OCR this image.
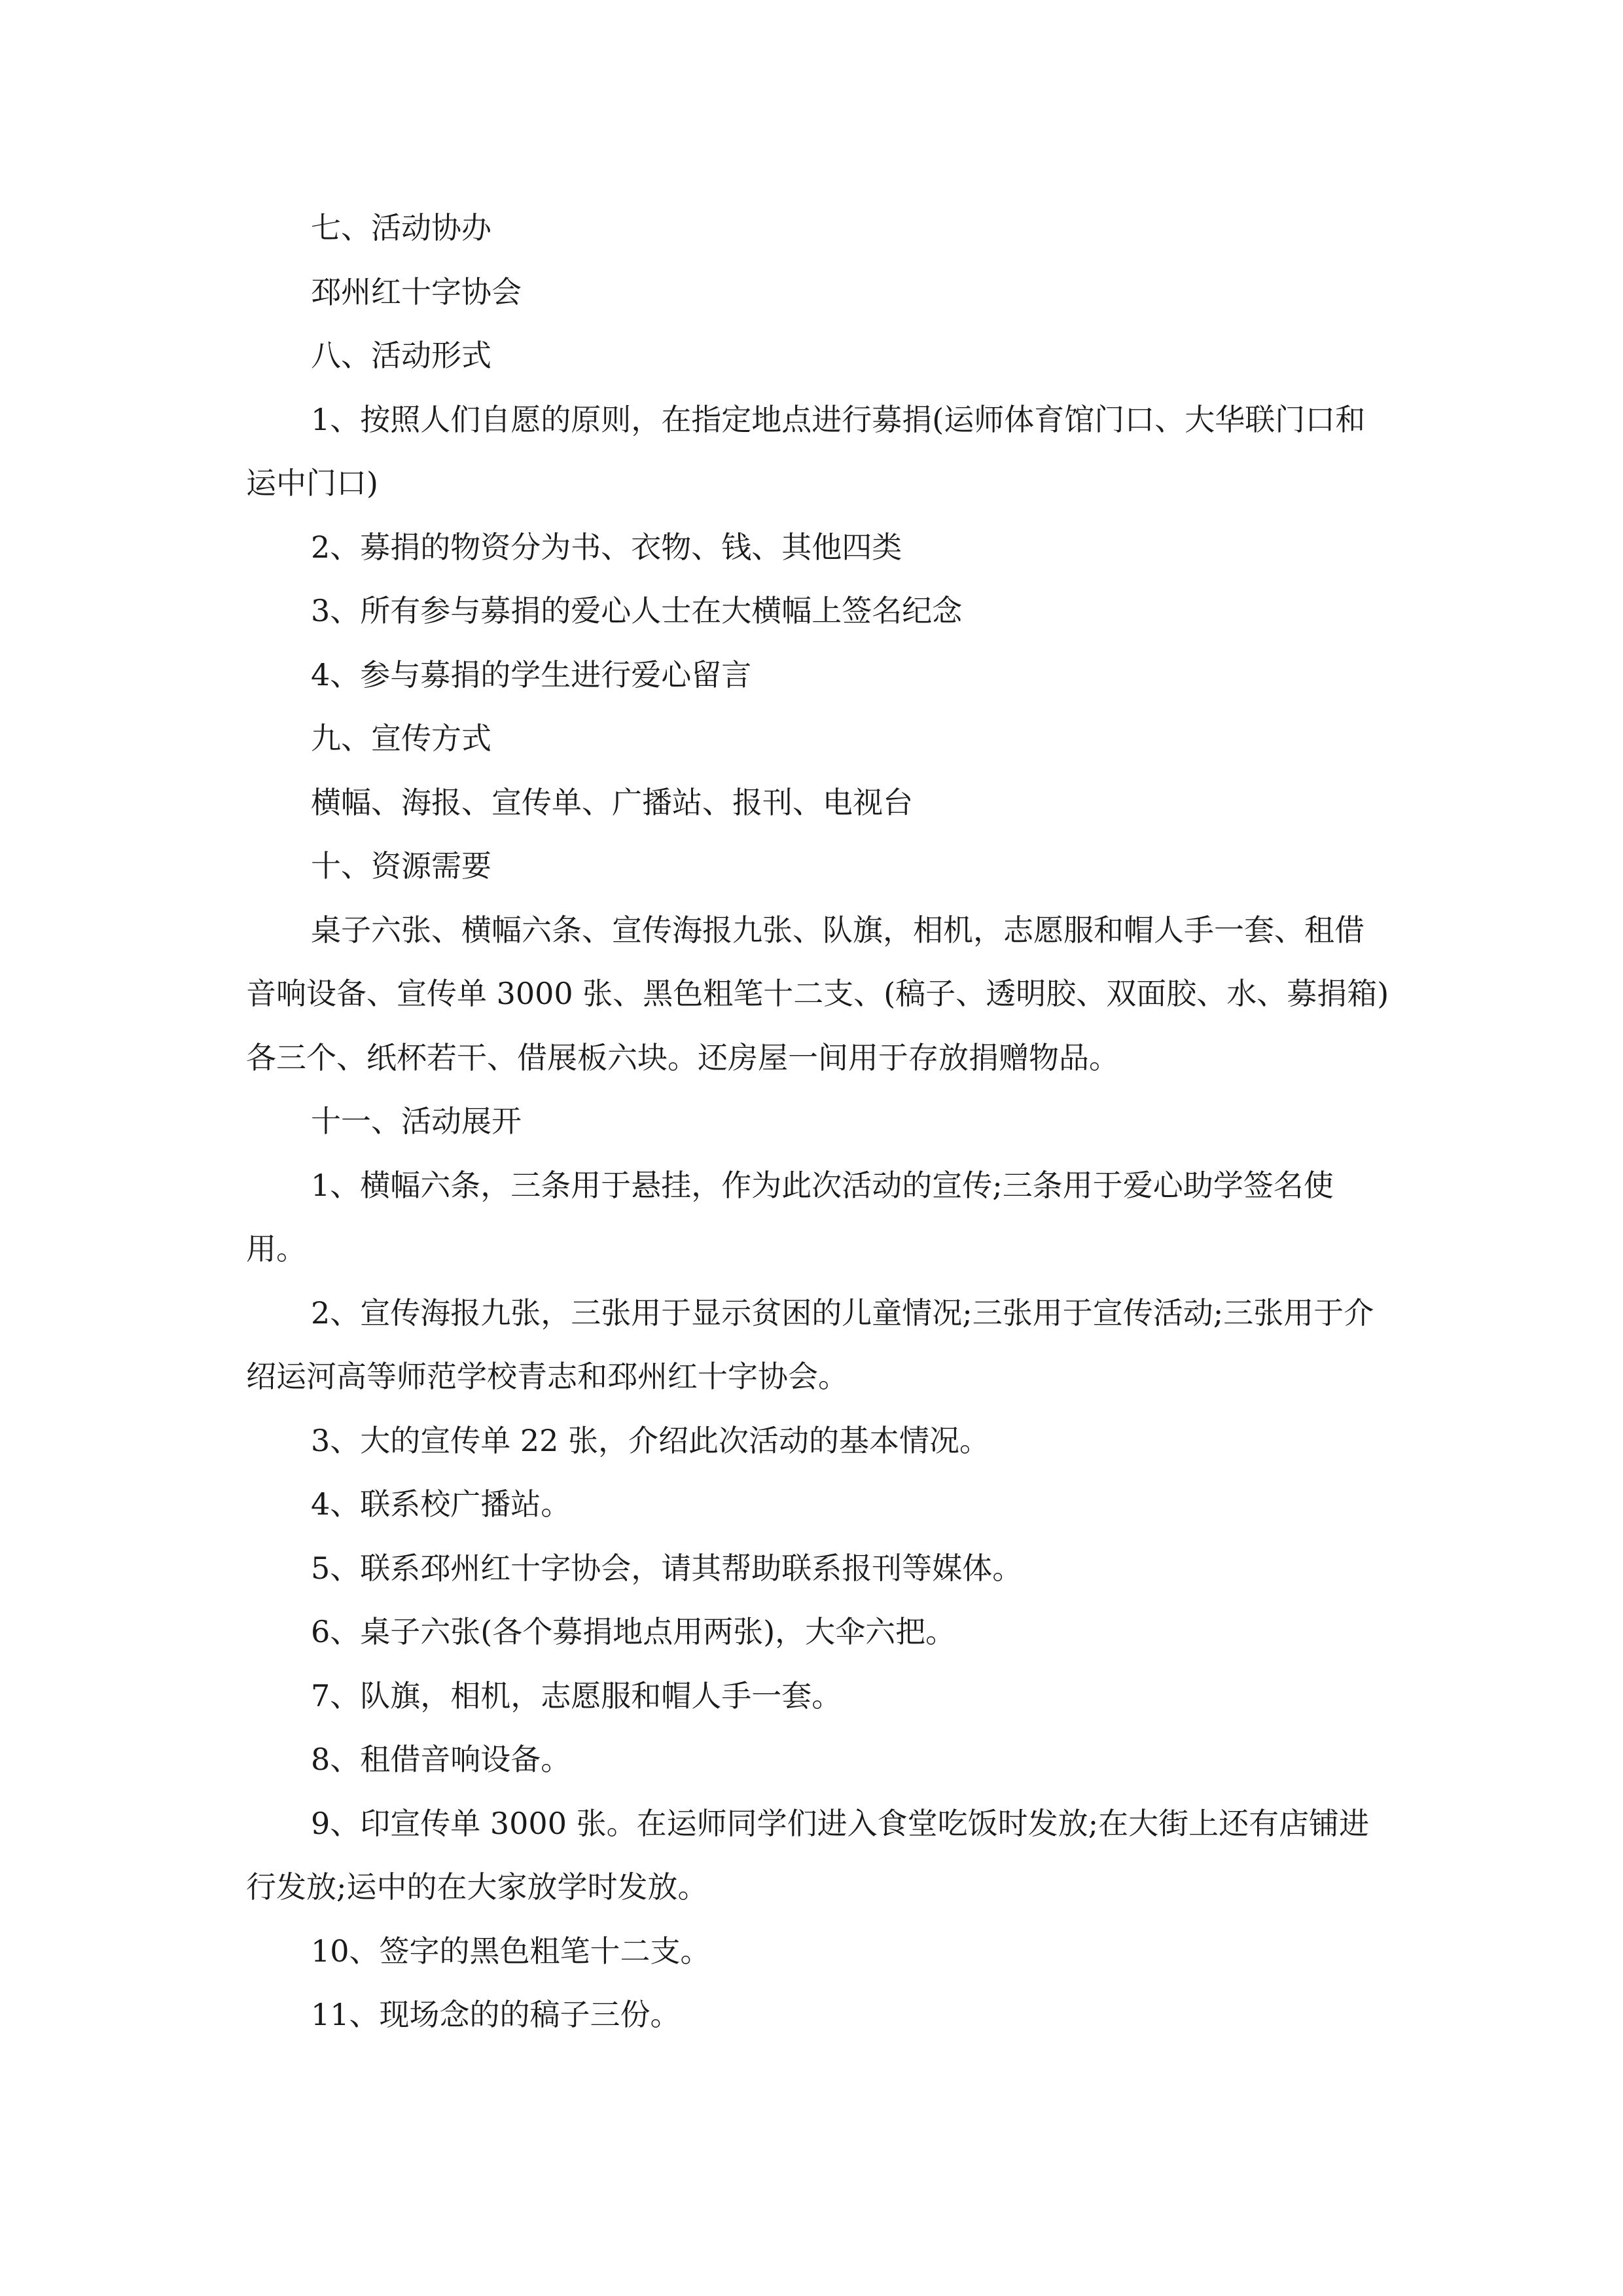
七、活动协办

邳州红十字协会

八、活动形式

1、按照人们自愿的原则，在指定地点进行募捐(运师体育馆门口、大华联门口和运中门口)

2、募捐的物资分为书、衣物、钱、其他四类

3、所有参与募捐的爱心人士在大横幅上签名纪念

4、参与募捐的学生进行爱心留言

九、宣传方式

横幅、海报、宣传单、广播站、报刊、电视台

十、资源需要

桌子六张、横幅六条、宣传海报九张、队旗，相机，志愿服和帽人手一套、租借音响设备、宣传单 3000 张、黑色粗笔十二支、(稿子、透明胶、双面胶、水、募捐箱)各三个、纸杯若干、借展板六块。还房屋一间用于存放捐赠物品。

十一、活动展开

1、横幅六条，三条用于悬挂，作为此次活动的宣传;三条用于爱心助学签名使用。

2、宣传海报九张，三张用于显示贫困的儿童情况;三张用于宣传活动;三张用于介绍运河高等师范学校青志和邳州红十字协会。

3、大的宣传单 22 张，介绍此次活动的基本情况。

4、联系校广播站。

5、联系邳州红十字协会，请其帮助联系报刊等媒体。

6、桌子六张(各个募捐地点用两张)，大伞六把。

7、队旗，相机，志愿服和帽人手一套。

8、租借音响设备。

9、印宣传单 3000 张。在运师同学们进入食堂吃饭时发放;在大街上还有店铺进行发放;运中的在大家放学时发放。

10、签字的黑色粗笔十二支。

11、现场念的的稿子三份。
